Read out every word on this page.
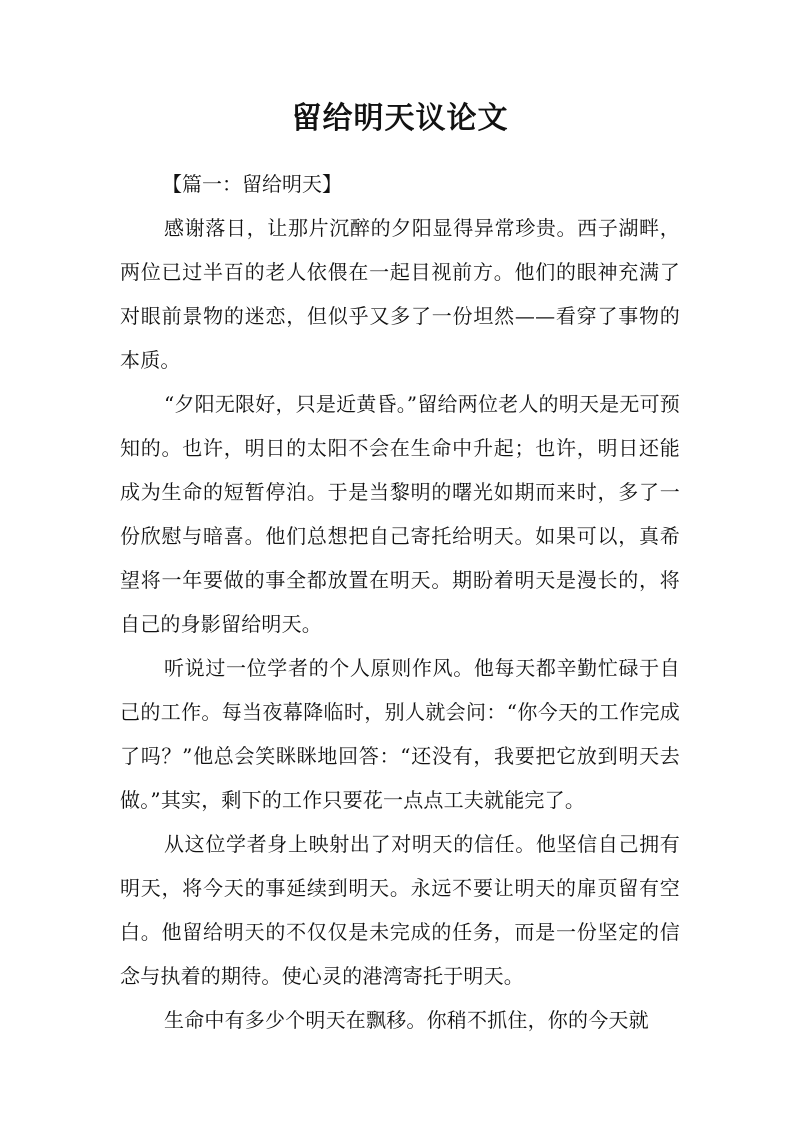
留给明天议论文

【篇一：留给明天】

感谢落日，让那片沉醉的夕阳显得异常珍贵。西子湖畔，两位已过半百的老人依偎在一起目视前方。他们的眼神充满了对眼前景物的迷恋，但似乎又多了一份坦然——看穿了事物的本质。

“夕阳无限好，只是近黄昏。”留给两位老人的明天是无可预知的。也许，明日的太阳不会在生命中升起；也许，明日还能成为生命的短暂停泊。于是当黎明的曙光如期而来时，多了一份欣慰与暗喜。他们总想把自己寄托给明天。如果可以，真希望将一年要做的事全都放置在明天。期盼着明天是漫长的，将自己的身影留给明天。

听说过一位学者的个人原则作风。他每天都辛勤忙碌于自己的工作。每当夜幕降临时，别人就会问：“你今天的工作完成了吗？”他总会笑眯眯地回答：“还没有，我要把它放到明天去做。”其实，剩下的工作只要花一点点工夫就能完了。

从这位学者身上映射出了对明天的信任。他坚信自己拥有明天，将今天的事延续到明天。永远不要让明天的扉页留有空白。他留给明天的不仅仅是未完成的任务，而是一份坚定的信念与执着的期待。使心灵的港湾寄托于明天。

生命中有多少个明天在飘移。你稍不抓住，你的今天就
